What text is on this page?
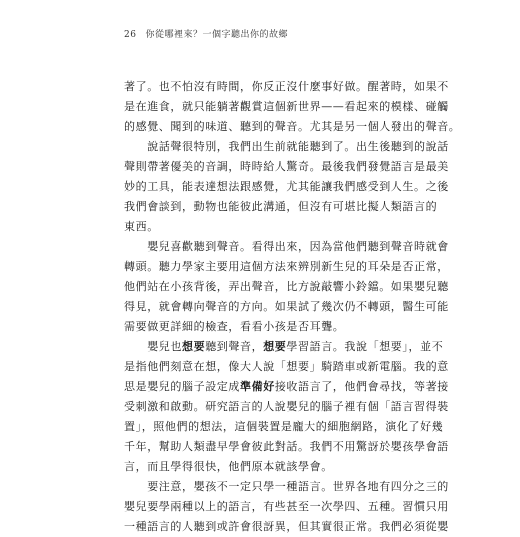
26 你從哪裡來？一個字聽出你的故鄉
著了。也不怕沒有時間，你反正沒什麼事好做。醒著時，如果不
是在進食，就只能躺著觀賞這個新世界——看起來的模樣、碰觸
的感覺、聞到的味道、聽到的聲音。尤其是另一個人發出的聲音。
　　說話聲很特別，我們出生前就能聽到了。出生後聽到的說話
聲則帶著優美的音調，時時給人驚奇。最後我們發覺語言是最美
妙的工具，能表達想法跟感覺，尤其能讓我們感受到人生。之後
我們會談到，動物也能彼此溝通，但沒有可堪比擬人類語言的
東西。
　　嬰兒喜歡聽到聲音。看得出來，因為當他們聽到聲音時就會
轉頭。聽力學家主要用這個方法來辨別新生兒的耳朵是否正常，
他們站在小孩背後，弄出聲音，比方說敲響小鈴鐺。如果嬰兒聽
得見，就會轉向聲音的方向。如果試了幾次仍不轉頭，醫生可能
需要做更詳細的檢查，看看小孩是否耳聾。
　　嬰兒也想要聽到聲音，想要學習語言。我說「想要」，並不
是指他們刻意在想，像大人說「想要」騎踏車或新電腦。我的意
思是嬰兒的腦子設定成準備好接收語言了，他們會尋找，等著接
受刺激和啟動。研究語言的人說嬰兒的腦子裡有個「語言習得裝
置」，照他們的想法，這個裝置是龐大的細胞網路，演化了好幾
千年，幫助人類盡早學會彼此對話。我們不用驚訝於嬰孩學會語
言，而且學得很快，他們原本就該學會。
　　要注意，嬰孩不一定只學一種語言。世界各地有四分之三的
嬰兒要學兩種以上的語言，有些甚至一次學四、五種。習慣只用
一種語言的人聽到或許會很訝異，但其實很正常。我們必須從嬰
